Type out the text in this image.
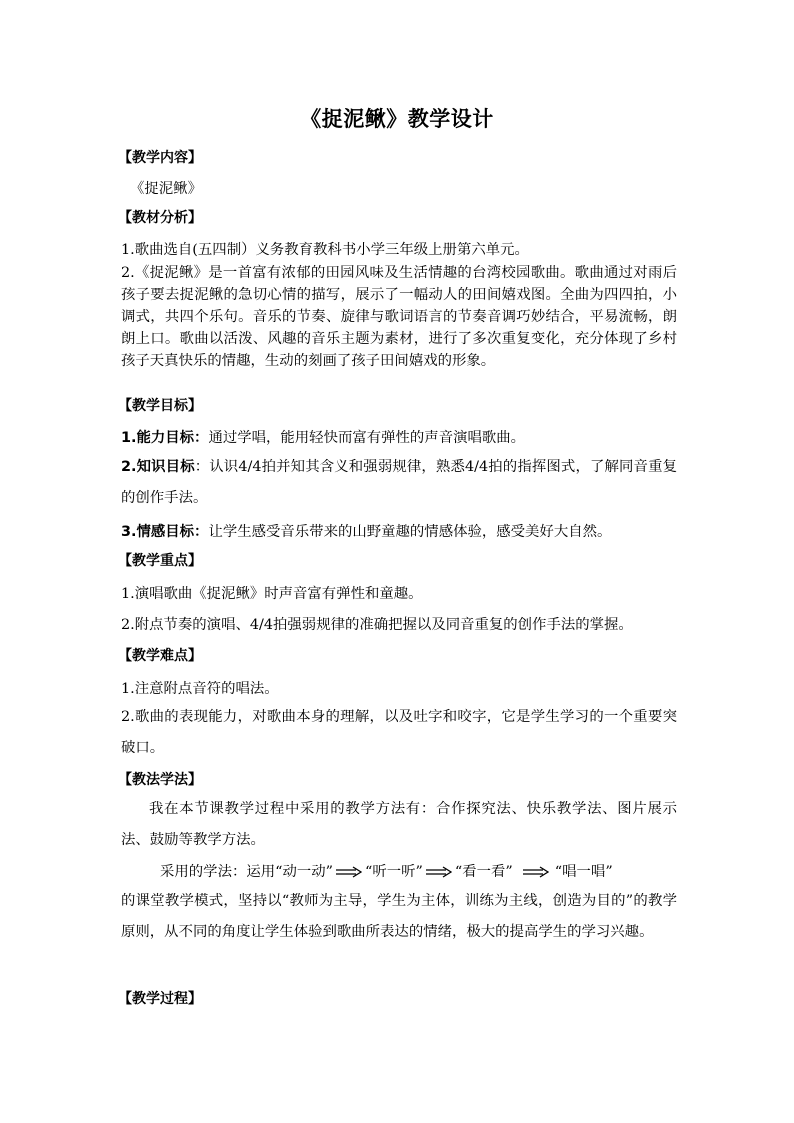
《捉泥鳅》教学设计
【教学内容】
《捉泥鳅》
【教材分析】
1.歌曲选自(五四制）义务教育教科书小学三年级上册第六单元。
2.《捉泥鳅》是一首富有浓郁的田园风味及生活情趣的台湾校园歌曲。歌曲通过对雨后孩子要去捉泥鳅的急切心情的描写，展示了一幅动人的田间嬉戏图。全曲为四四拍，小调式，共四个乐句。音乐的节奏、旋律与歌词语言的节奏音调巧妙结合，平易流畅，朗朗上口。歌曲以活泼、风趣的音乐主题为素材，进行了多次重复变化，充分体现了乡村孩子天真快乐的情趣，生动的刻画了孩子田间嬉戏的形象。
【教学目标】
1.能力目标：通过学唱，能用轻快而富有弹性的声音演唱歌曲。
2.知识目标：认识4/4拍并知其含义和强弱规律，熟悉4/4拍的指挥图式，了解同音重复的创作手法。
3.情感目标：让学生感受音乐带来的山野童趣的情感体验，感受美好大自然。
【教学重点】
1.演唱歌曲《捉泥鳅》时声音富有弹性和童趣。
2.附点节奏的演唱、4/4拍强弱规律的准确把握以及同音重复的创作手法的掌握。
【教学难点】
1.注意附点音符的唱法。
2.歌曲的表现能力，对歌曲本身的理解，以及吐字和咬字，它是学生学习的一个重要突破口。
【教法学法】
我在本节课教学过程中采用的教学方法有：合作探究法、快乐教学法、图片展示法、鼓励等教学方法。
采用的学法：运用“动一动” “听一听” “看一看”	“唱一唱”
的课堂教学模式，坚持以“教师为主导，学生为主体，训练为主线，创造为目的”的教学原则，从不同的角度让学生体验到歌曲所表达的情绪，极大的提高学生的学习兴趣。
【教学过程】
